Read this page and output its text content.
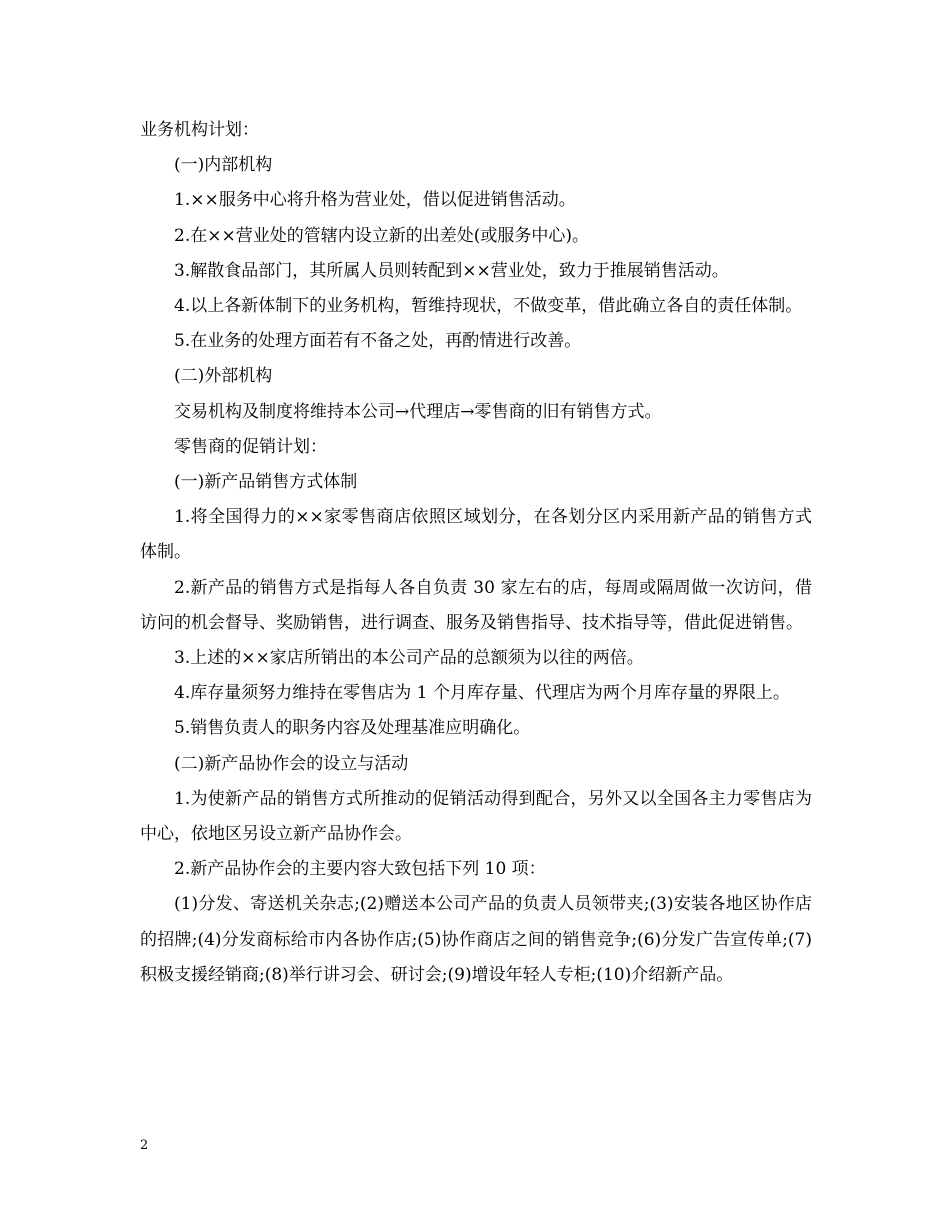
业务机构计划：

(一)内部机构

1.××服务中心将升格为营业处，借以促进销售活动。

2.在××营业处的管辖内设立新的出差处(或服务中心)。

3.解散食品部门，其所属人员则转配到××营业处，致力于推展销售活动。

4.以上各新体制下的业务机构，暂维持现状，不做变革，借此确立各自的责任体制。

5.在业务的处理方面若有不备之处，再酌情进行改善。

(二)外部机构

交易机构及制度将维持本公司→代理店→零售商的旧有销售方式。

零售商的促销计划：

(一)新产品销售方式体制

1.将全国得力的××家零售商店依照区域划分，在各划分区内采用新产品的销售方式体制。

2.新产品的销售方式是指每人各自负责 30 家左右的店，每周或隔周做一次访问，借访问的机会督导、奖励销售，进行调查、服务及销售指导、技术指导等，借此促进销售。

3.上述的××家店所销出的本公司产品的总额须为以往的两倍。

4.库存量须努力维持在零售店为 1 个月库存量、代理店为两个月库存量的界限上。

5.销售负责人的职务内容及处理基准应明确化。

(二)新产品协作会的设立与活动

1.为使新产品的销售方式所推动的促销活动得到配合，另外又以全国各主力零售店为中心，依地区另设立新产品协作会。

2.新产品协作会的主要内容大致包括下列 10 项：

(1)分发、寄送机关杂志;(2)赠送本公司产品的负责人员领带夹;(3)安装各地区协作店的招牌;(4)分发商标给市内各协作店;(5)协作商店之间的销售竞争;(6)分发广告宣传单;(7)积极支援经销商;(8)举行讲习会、研讨会;(9)增设年轻人专柜;(10)介绍新产品。

2
